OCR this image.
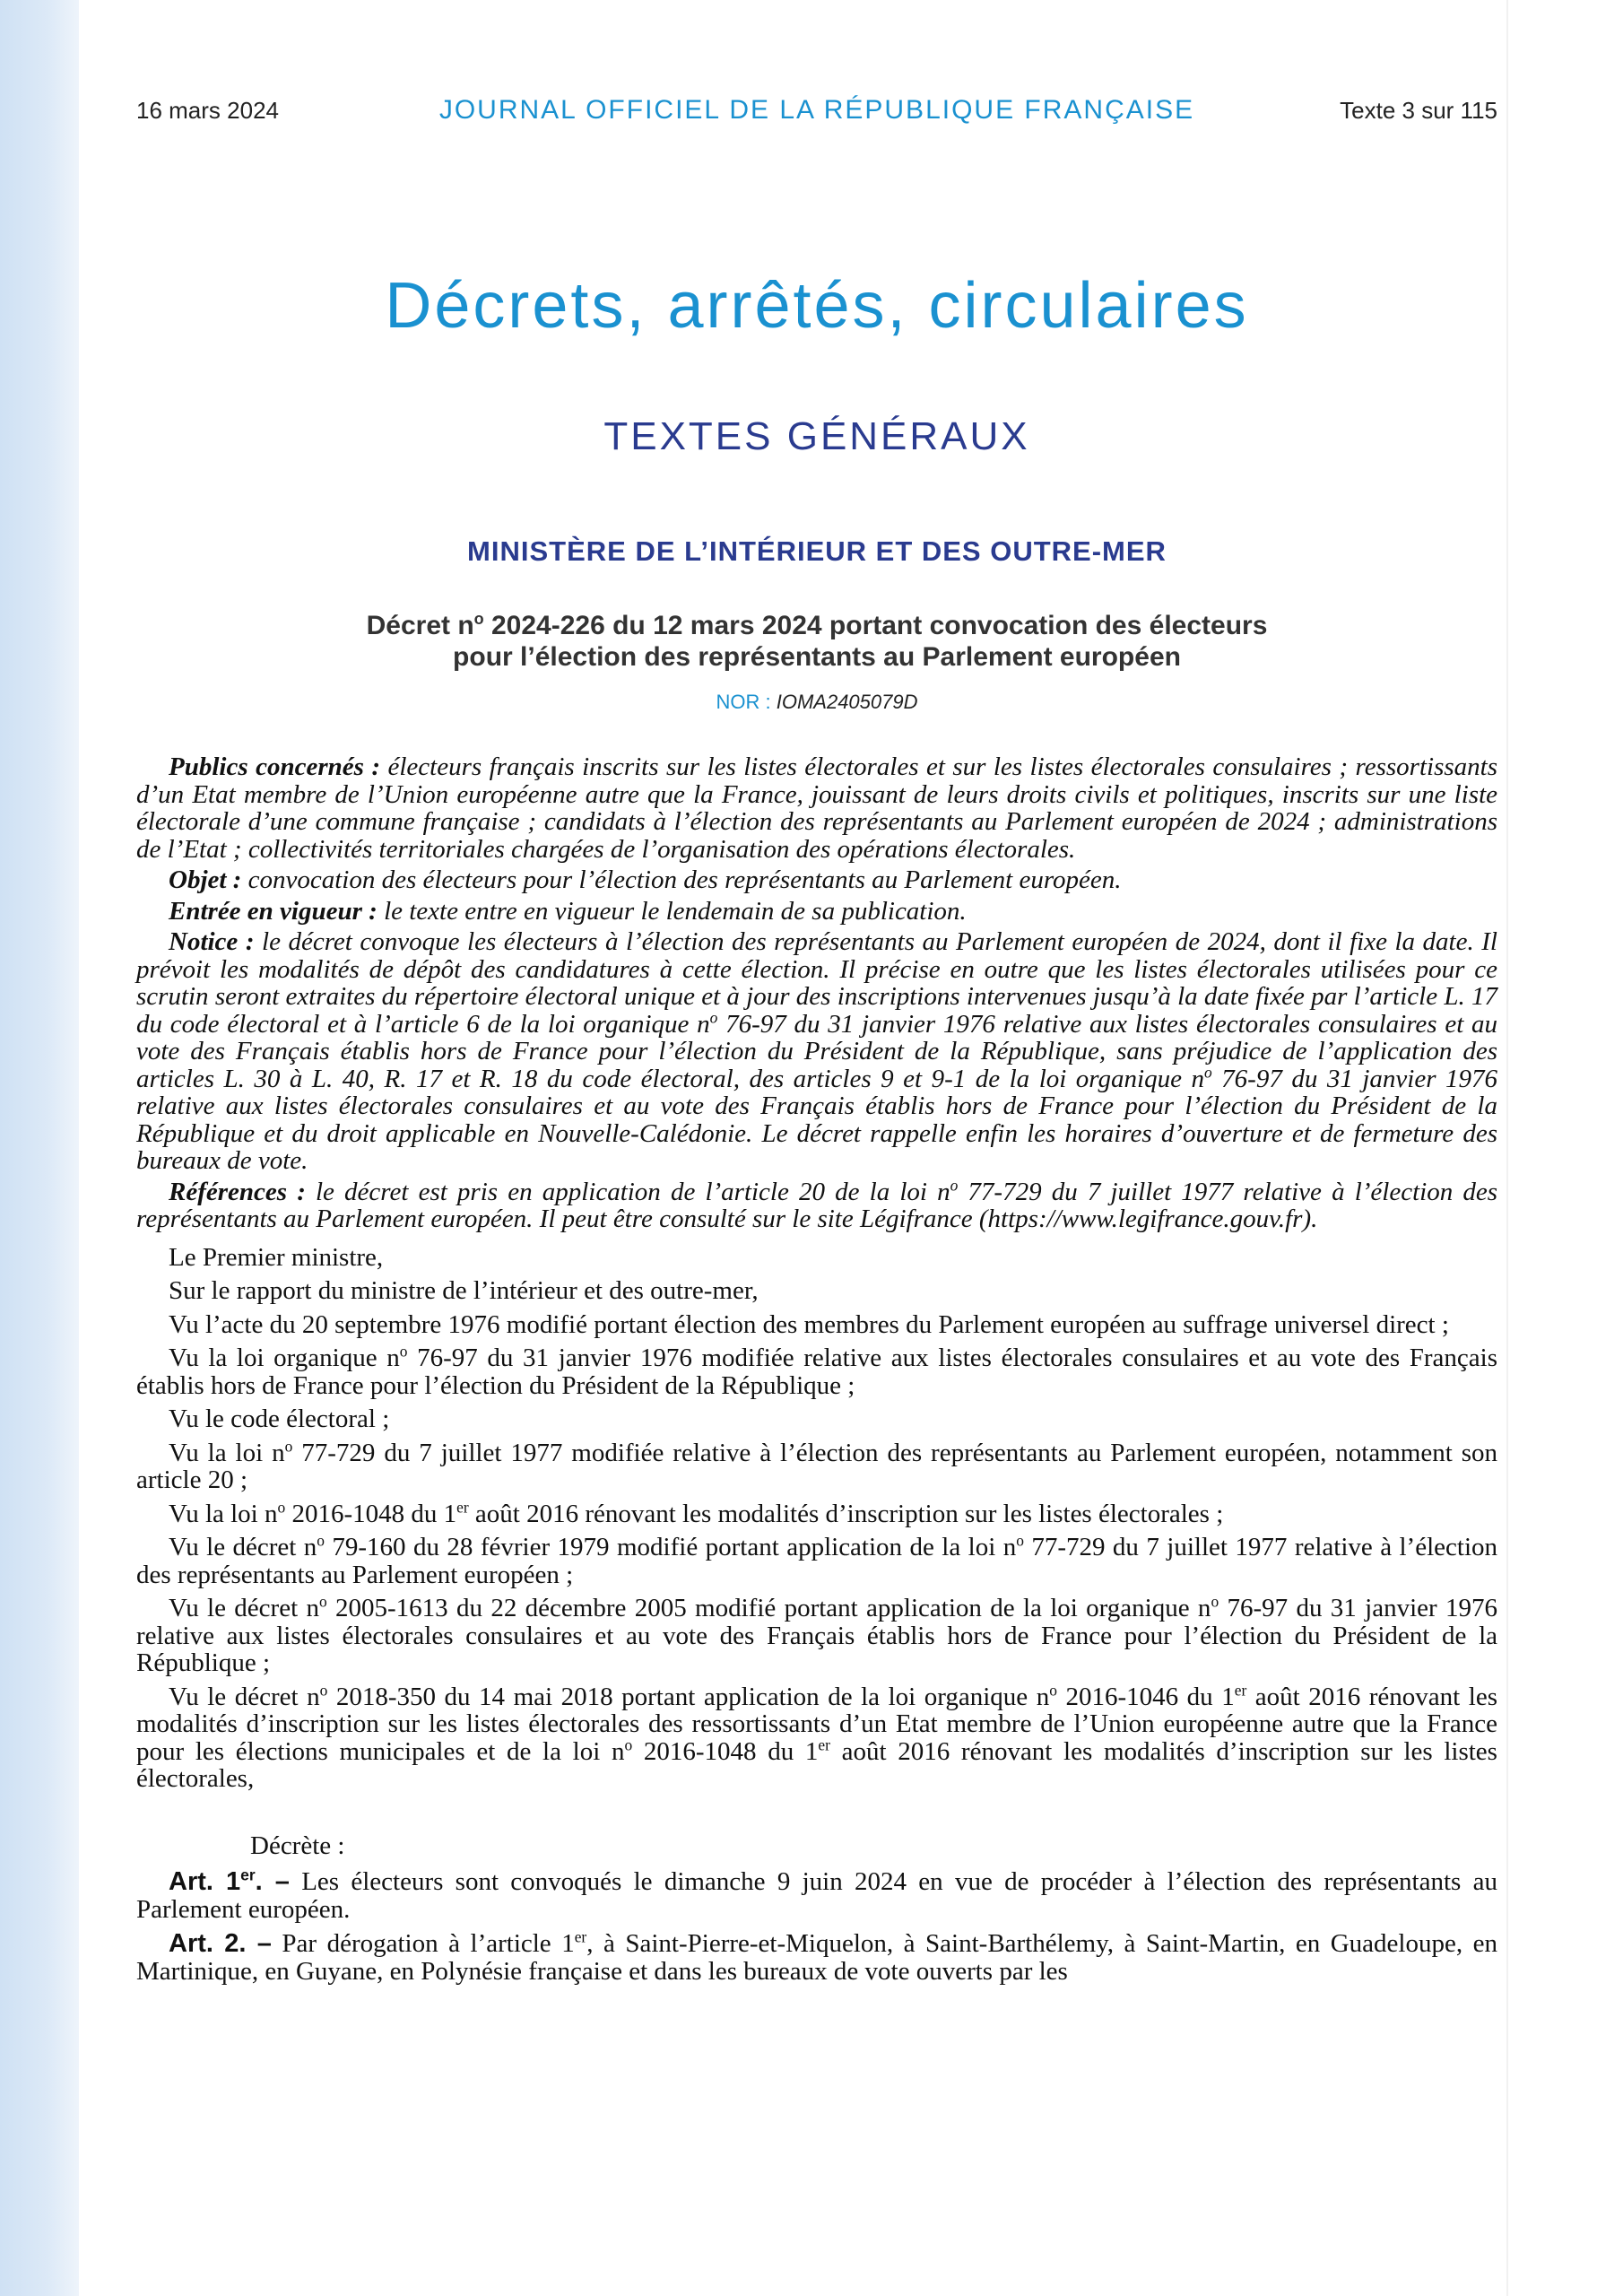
16 mars 2024	JOURNAL OFFICIEL DE LA RÉPUBLIQUE FRANÇAISE	Texte 3 sur 115
Décrets, arrêtés, circulaires
TEXTES GÉNÉRAUX
MINISTÈRE DE L’INTÉRIEUR ET DES OUTRE-MER
Décret $n^o$ 2024-226 du 12 mars 2024 portant convocation des électeurs
pour l’élection des représentants au Parlement européen
NOR : IOMA2405079D

Publics concernés : électeurs français inscrits sur les listes électorales et sur les listes électorales consulaires ; ressortissants d’un Etat membre de l’Union européenne autre que la France, jouissant de leurs droits civils et politiques, inscrits sur une liste électorale d’une commune française ; candidats à l’élection des représentants au Parlement européen de 2024 ; administrations de l’Etat ; collectivités territoriales chargées de l’organisation des opérations électorales.

Objet : convocation des électeurs pour l’élection des représentants au Parlement européen.

Entrée en vigueur : le texte entre en vigueur le lendemain de sa publication.

Notice : le décret convoque les électeurs à l’élection des représentants au Parlement européen de 2024, dont il fixe la date. Il prévoit les modalités de dépôt des candidatures à cette élection. Il précise en outre que les listes électorales utilisées pour ce scrutin seront extraites du répertoire électoral unique et à jour des inscriptions intervenues jusqu’à la date fixée par l’article L. 17 du code électoral et à l’article 6 de la loi organique $n^o$ 76-97 du 31 janvier 1976 relative aux listes électorales consulaires et au vote des Français établis hors de France pour l’élection du Président de la République, sans préjudice de l’application des articles L. 30 à L. 40, R. 17 et R. 18 du code électoral, des articles 9 et 9-1 de la loi organique $n^o$ 76-97 du 31 janvier 1976 relative aux listes électorales consulaires et au vote des Français établis hors de France pour l’élection du Président de la République et du droit applicable en Nouvelle-Calédonie. Le décret rappelle enfin les horaires d’ouverture et de fermeture des bureaux de vote.

Références : le décret est pris en application de l’article 20 de la loi $n^o$ 77-729 du 7 juillet 1977 relative à l’élection des représentants au Parlement européen. Il peut être consulté sur le site Légifrance (https://www.legifrance.gouv.fr).

Le Premier ministre,

Sur le rapport du ministre de l’intérieur et des outre-mer,

Vu l’acte du 20 septembre 1976 modifié portant élection des membres du Parlement européen au suffrage universel direct ;

Vu la loi organique $n^o$ 76-97 du 31 janvier 1976 modifiée relative aux listes électorales consulaires et au vote des Français établis hors de France pour l’élection du Président de la République ;

Vu le code électoral ;

Vu la loi $n^o$ 77-729 du 7 juillet 1977 modifiée relative à l’élection des représentants au Parlement européen, notamment son article 20 ;

Vu la loi $n^o$ 2016-1048 du 1er août 2016 rénovant les modalités d’inscription sur les listes électorales ;

Vu le décret $n^o$ 79-160 du 28 février 1979 modifié portant application de la loi $n^o$ 77-729 du 7 juillet 1977 relative à l’élection des représentants au Parlement européen ;

Vu le décret $n^o$ 2005-1613 du 22 décembre 2005 modifié portant application de la loi organique $n^o$ 76-97 du 31 janvier 1976 relative aux listes électorales consulaires et au vote des Français établis hors de France pour l’élection du Président de la République ;

Vu le décret $n^o$ 2018-350 du 14 mai 2018 portant application de la loi organique $n^o$ 2016-1046 du 1er août 2016 rénovant les modalités d’inscription sur les listes électorales des ressortissants d’un Etat membre de l’Union européenne autre que la France pour les élections municipales et de la loi $n^o$ 2016-1048 du 1er août 2016 rénovant les modalités d’inscription sur les listes électorales,

Décrète :

Art. 1er. – Les électeurs sont convoqués le dimanche 9 juin 2024 en vue de procéder à l’élection des représentants au Parlement européen.

Art. 2. – Par dérogation à l’article 1er, à Saint-Pierre-et-Miquelon, à Saint-Barthélemy, à Saint-Martin, en Guadeloupe, en Martinique, en Guyane, en Polynésie française et dans les bureaux de vote ouverts par les
